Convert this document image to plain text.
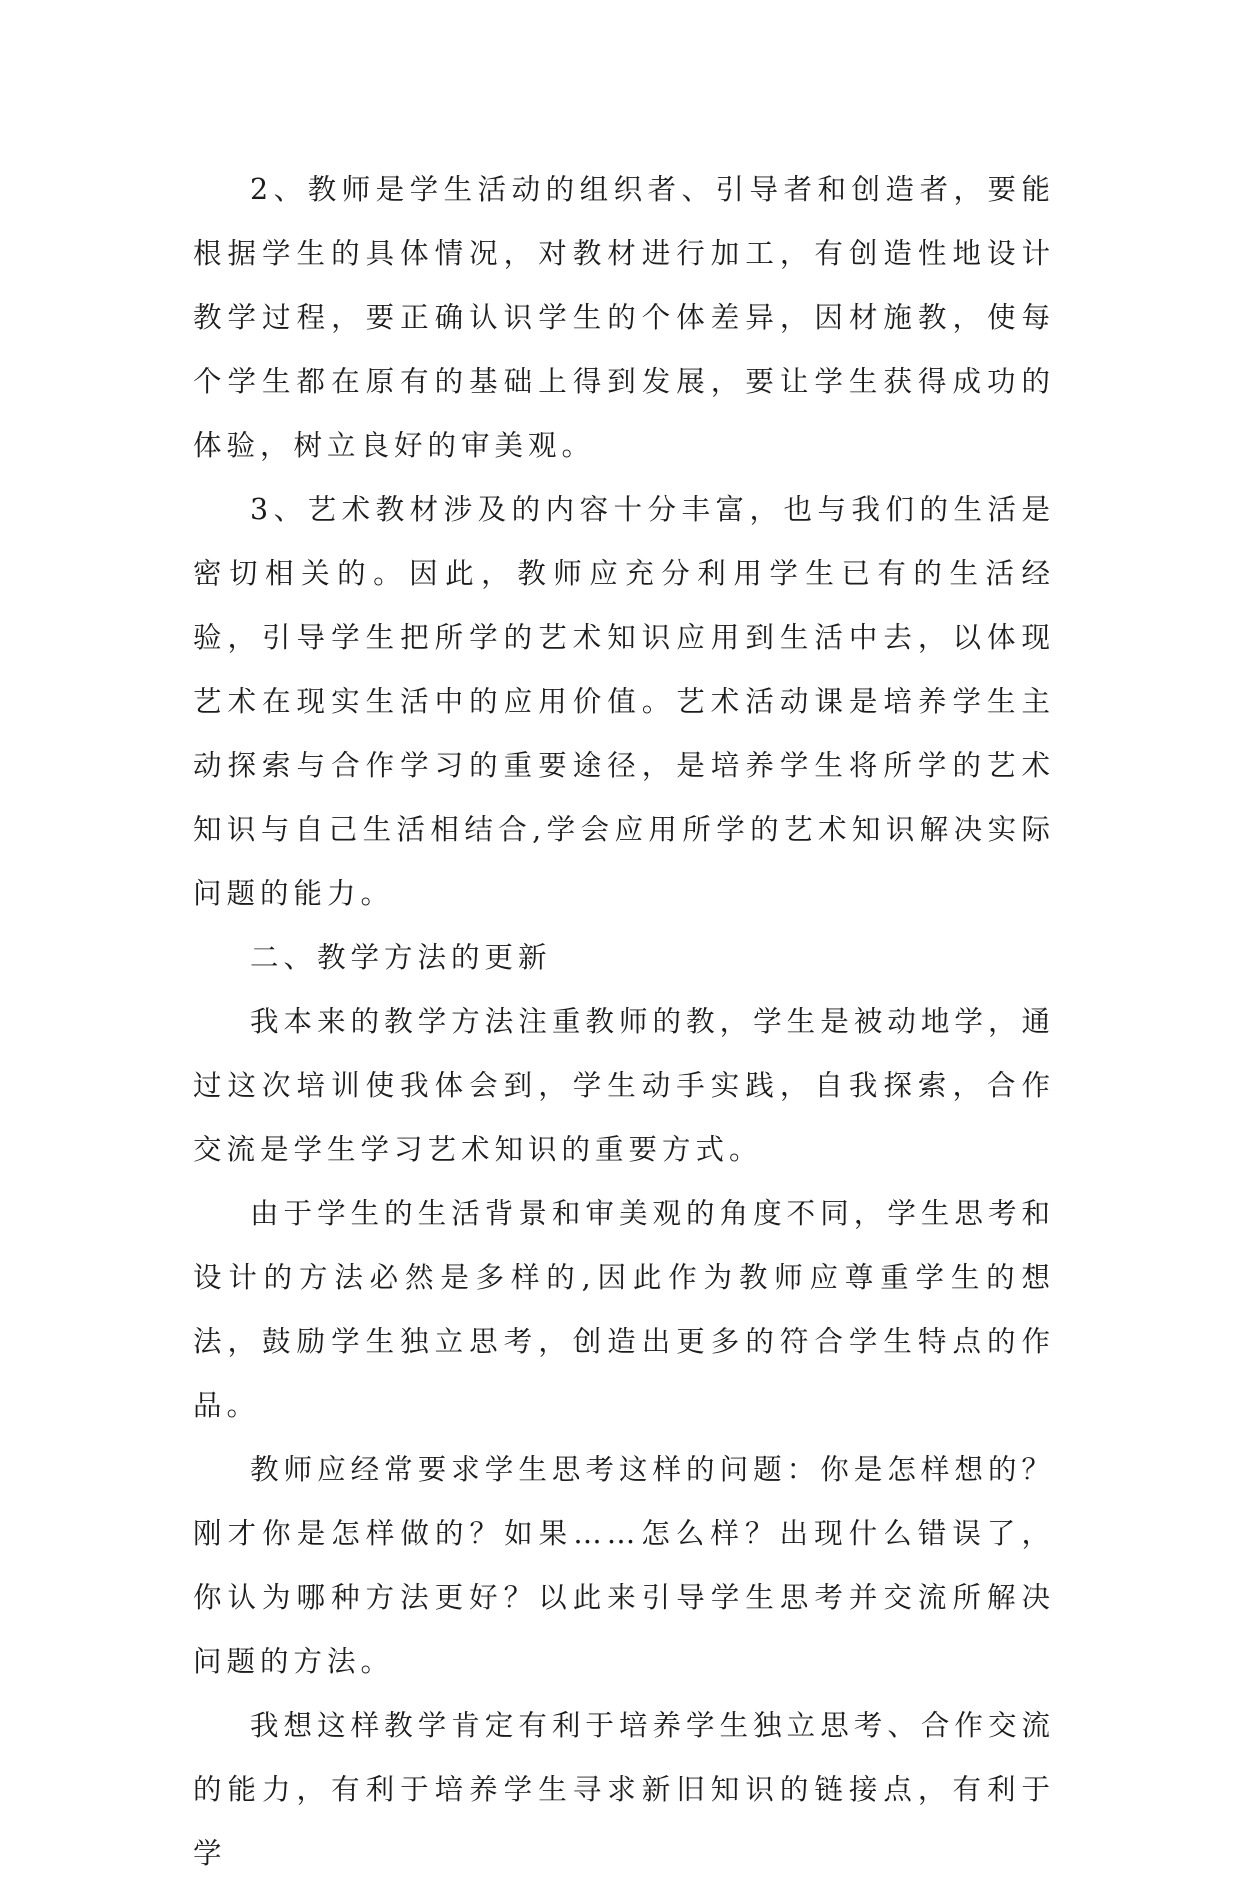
2、教师是学生活动的组织者、引导者和创造者，要能根据学生的具体情况，对教材进行加工，有创造性地设计教学过程，要正确认识学生的个体差异，因材施教，使每个学生都在原有的基础上得到发展，要让学生获得成功的体验，树立良好的审美观。

3、艺术教材涉及的内容十分丰富，也与我们的生活是密切相关的。因此，教师应充分利用学生已有的生活经验，引导学生把所学的艺术知识应用到生活中去，以体现艺术在现实生活中的应用价值。艺术活动课是培养学生主动探索与合作学习的重要途径，是培养学生将所学的艺术知识与自己生活相结合,学会应用所学的艺术知识解决实际问题的能力。

二、教学方法的更新

我本来的教学方法注重教师的教，学生是被动地学，通过这次培训使我体会到，学生动手实践，自我探索，合作交流是学生学习艺术知识的重要方式。

由于学生的生活背景和审美观的角度不同，学生思考和设计的方法必然是多样的,因此作为教师应尊重学生的想法，鼓励学生独立思考，创造出更多的符合学生特点的作品。

教师应经常要求学生思考这样的问题：你是怎样想的？刚才你是怎样做的？如果……怎么样？出现什么错误了，你认为哪种方法更好？以此来引导学生思考并交流所解决问题的方法。

我想这样教学肯定有利于培养学生独立思考、合作交流的能力，有利于培养学生寻求新旧知识的链接点，有利于学
